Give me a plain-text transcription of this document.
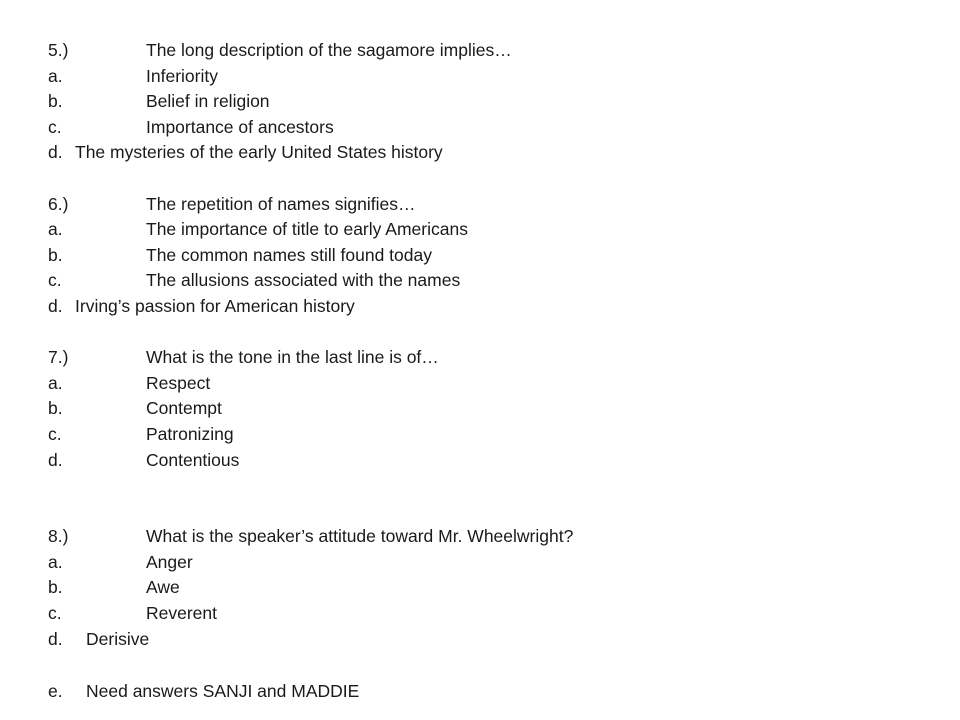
5.)	The long description of the sagamore implies…
a.	Inferiority
b.	Belief in religion
c.	Importance of ancestors
d. The mysteries of the early United States history
6.)	The repetition of names signifies…
a.	The importance of title to early Americans
b.	The common names still found today
c.	The allusions associated with the names
d. Irving’s passion for American history
7.)	What is the tone in the last line is of…
a.	Respect
b.	Contempt
c.	Patronizing
d.	Contentious
8.)	What is the speaker’s attitude toward Mr. Wheelwright?
a.	Anger
b.	Awe
c.	Reverent
d. Derisive
e. Need answers SANJI and MADDIE
